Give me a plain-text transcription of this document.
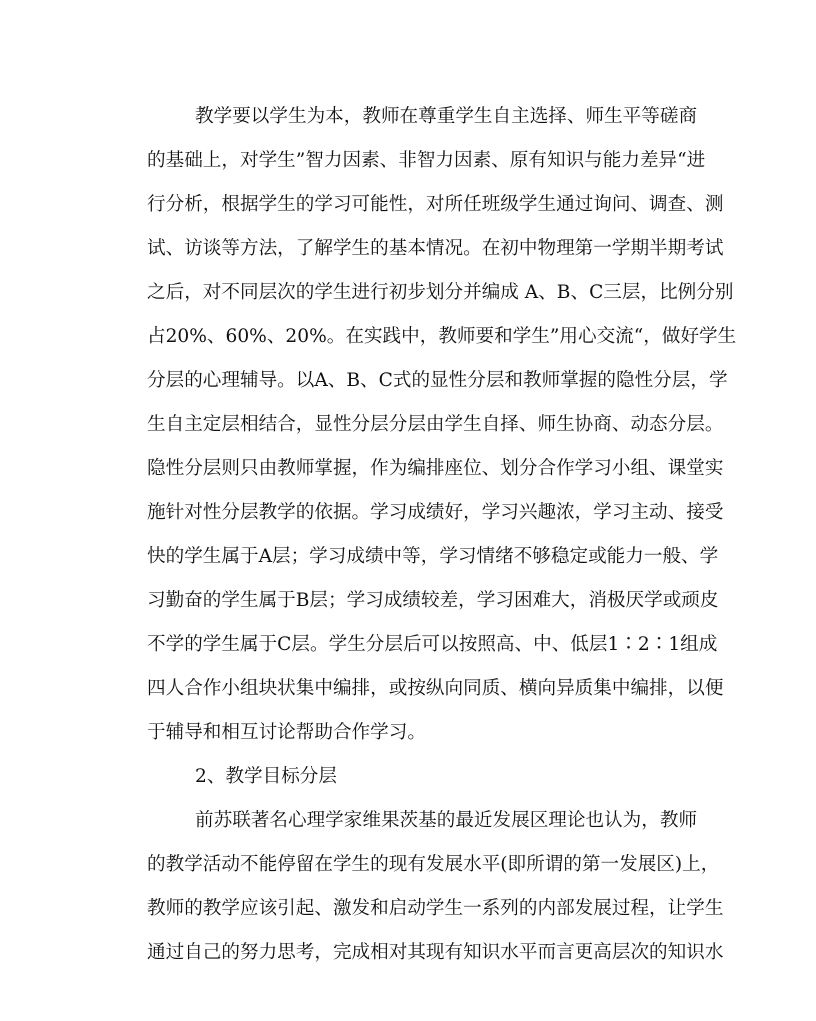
教学要以学生为本，教师在尊重学生自主选择、师生平等磋商
的基础上，对学生”智力因素、非智力因素、原有知识与能力差异“进
行分析，根据学生的学习可能性，对所任班级学生通过询问、调查、测
试、访谈等方法，了解学生的基本情况。在初中物理第一学期半期考试
之后，对不同层次的学生进行初步划分并编成 A、B、C三层，比例分别
占20%、60%、20%。在实践中，教师要和学生”用心交流“，做好学生
分层的心理辅导。以A、B、C式的显性分层和教师掌握的隐性分层，学
生自主定层相结合，显性分层分层由学生自择、师生协商、动态分层。
隐性分层则只由教师掌握，作为编排座位、划分合作学习小组、课堂实
施针对性分层教学的依据。学习成绩好，学习兴趣浓，学习主动、接受
快的学生属于A层；学习成绩中等，学习情绪不够稳定或能力一般、学
习勤奋的学生属于B层；学习成绩较差，学习困难大，消极厌学或顽皮
不学的学生属于C层。学生分层后可以按照高、中、低层1∶2∶1组成
四人合作小组块状集中编排，或按纵向同质、横向异质集中编排，以便
于辅导和相互讨论帮助合作学习。
2、教学目标分层
前苏联著名心理学家维果茨基的最近发展区理论也认为，教师
的教学活动不能停留在学生的现有发展水平(即所谓的第一发展区)上，
教师的教学应该引起、激发和启动学生一系列的内部发展过程，让学生
通过自己的努力思考，完成相对其现有知识水平而言更高层次的知识水
